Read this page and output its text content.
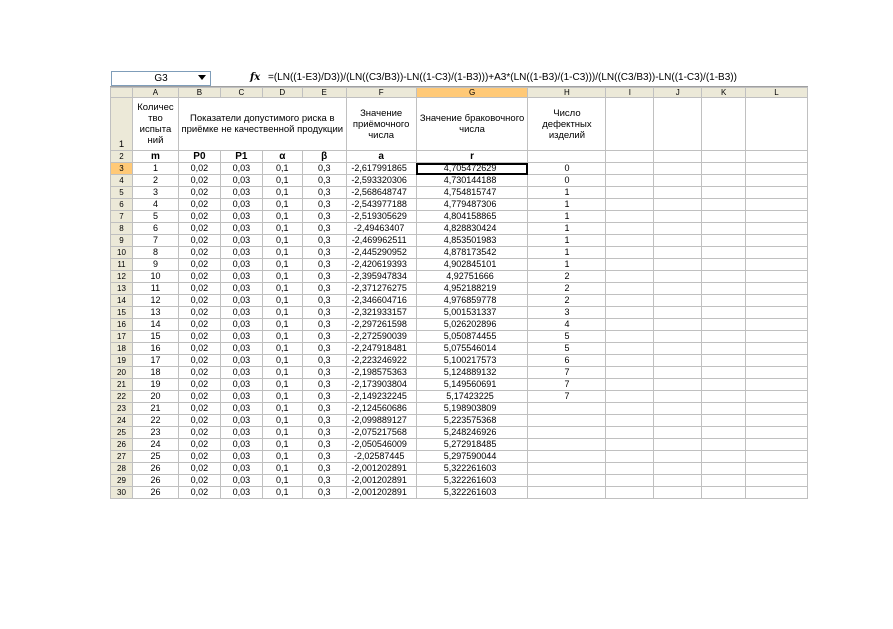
G3	fx =(LN((1-E3)/D3))/(LN((C3/B3))-LN((1-C3)/(1-B3)))+A3*(LN((1-B3)/(1-C3)))/(LN((C3/B3))-LN((1-C3)/(1-B3))
	A	B	C	D	E	F	G	H	I	J	K	L
1	Количес тво испыта ний	Показатели допустимого риска в приёмке не качественной продукции				Значение приёмочного числа	Значение браковочного числа	Число дефектных изделий				
2	m	P0	P1	α	β	a	r					
3	1	0,02	0,03	0,1	0,3	-2,617991865	4,705472629	0				
4	2	0,02	0,03	0,1	0,3	-2,593320306	4,730144188	0				
5	3	0,02	0,03	0,1	0,3	-2,568648747	4,754815747	1				
6	4	0,02	0,03	0,1	0,3	-2,543977188	4,779487306	1				
7	5	0,02	0,03	0,1	0,3	-2,519305629	4,804158865	1				
8	6	0,02	0,03	0,1	0,3	-2,49463407	4,828830424	1				
9	7	0,02	0,03	0,1	0,3	-2,469962511	4,853501983	1				
10	8	0,02	0,03	0,1	0,3	-2,445290952	4,878173542	1				
11	9	0,02	0,03	0,1	0,3	-2,420619393	4,902845101	1				
12	10	0,02	0,03	0,1	0,3	-2,395947834	4,92751666	2				
13	11	0,02	0,03	0,1	0,3	-2,371276275	4,952188219	2				
14	12	0,02	0,03	0,1	0,3	-2,346604716	4,976859778	2				
15	13	0,02	0,03	0,1	0,3	-2,321933157	5,001531337	3				
16	14	0,02	0,03	0,1	0,3	-2,297261598	5,026202896	4				
17	15	0,02	0,03	0,1	0,3	-2,272590039	5,050874455	5				
18	16	0,02	0,03	0,1	0,3	-2,247918481	5,075546014	5				
19	17	0,02	0,03	0,1	0,3	-2,223246922	5,100217573	6				
20	18	0,02	0,03	0,1	0,3	-2,198575363	5,124889132	7				
21	19	0,02	0,03	0,1	0,3	-2,173903804	5,149560691	7				
22	20	0,02	0,03	0,1	0,3	-2,149232245	5,17423225	7				
23	21	0,02	0,03	0,1	0,3	-2,124560686	5,198903809					
24	22	0,02	0,03	0,1	0,3	-2,099889127	5,223575368					
25	23	0,02	0,03	0,1	0,3	-2,075217568	5,248246926					
26	24	0,02	0,03	0,1	0,3	-2,050546009	5,272918485					
27	25	0,02	0,03	0,1	0,3	-2,02587445	5,297590044					
28	26	0,02	0,03	0,1	0,3	-2,001202891	5,322261603					
29	26	0,02	0,03	0,1	0,3	-2,001202891	5,322261603					
30	26	0,02	0,03	0,1	0,3	-2,001202891	5,322261603					
